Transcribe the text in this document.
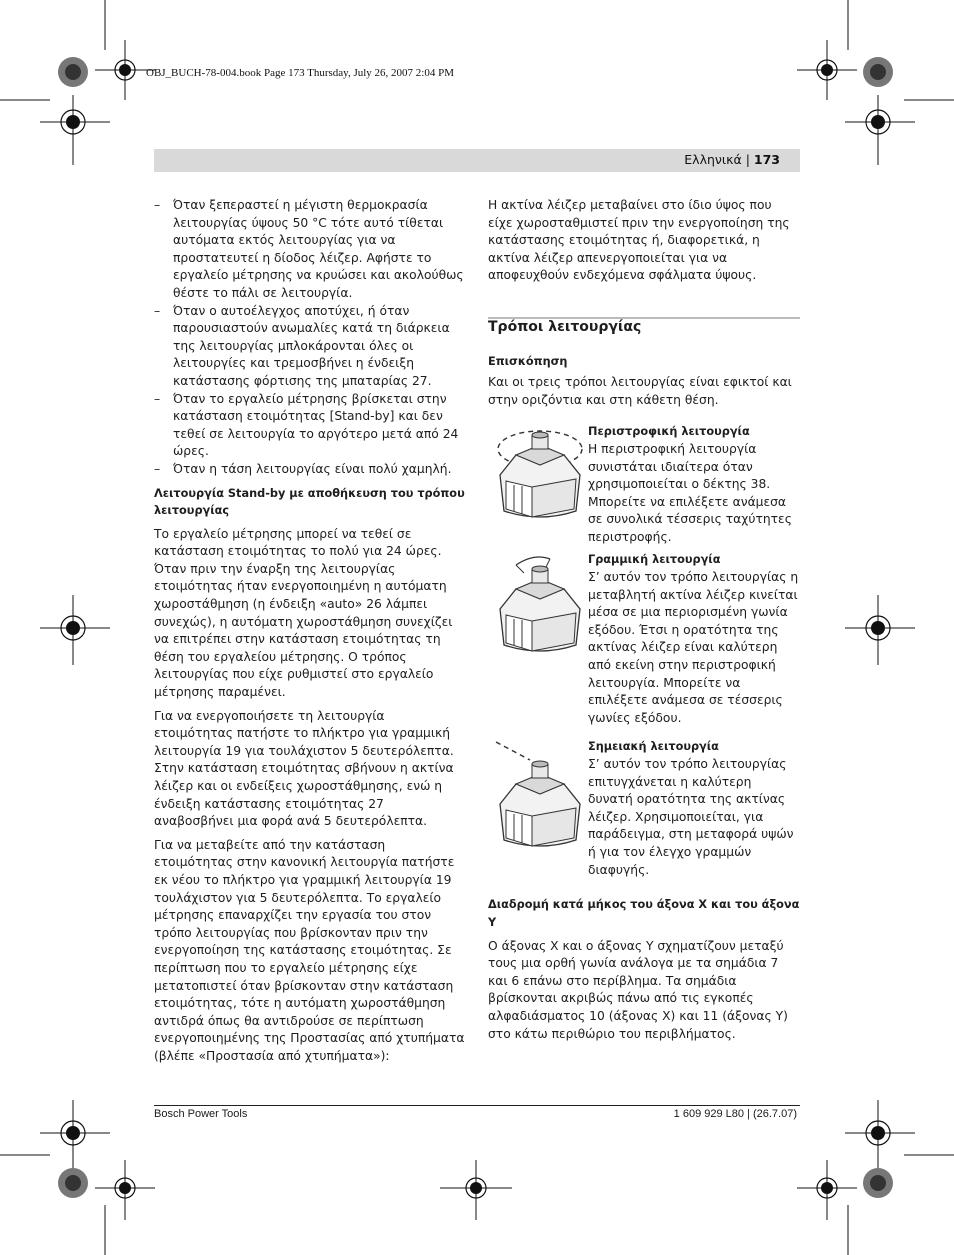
OBJ_BUCH-78-004.book Page 173 Thursday, July 26, 2007 2:04 PM
Ελληνικά | 173
– Όταν ξεπεραστεί η μέγιστη θερμοκρασία λειτουργίας ύψους 50 °C τότε αυτό τίθεται αυτόματα εκτός λειτουργίας για να προστατευτεί η δίοδος λέιζερ. Αφήστε το εργαλείο μέτρησης να κρυώσει και ακολούθως θέστε το πάλι σε λειτουργία.
– Όταν ο αυτοέλεγχος αποτύχει, ή όταν παρουσιαστούν ανωμαλίες κατά τη διάρκεια της λειτουργίας μπλοκάρονται όλες οι λειτουργίες και τρεμοσβήνει η ένδειξη κατάστασης φόρτισης της μπαταρίας 27.
– Όταν το εργαλείο μέτρησης βρίσκεται στην κατάσταση ετοιμότητας [Stand-by] και δεν τεθεί σε λειτουργία το αργότερο μετά από 24 ώρες.
– Όταν η τάση λειτουργίας είναι πολύ χαμηλή.

Λειτουργία Stand-by με αποθήκευση του τρόπου λειτουργίας

Το εργαλείο μέτρησης μπορεί να τεθεί σε κατάσταση ετοιμότητας το πολύ για 24 ώρες. Όταν πριν την έναρξη της λειτουργίας ετοιμότητας ήταν ενεργοποιημένη η αυτόματη χωροστάθμηση (η ένδειξη «auto» 26 λάμπει συνεχώς), η αυτόματη χωροστάθμηση συνεχίζει να επιτρέπει στην κατάσταση ετοιμότητας τη θέση του εργαλείου μέτρησης. Ο τρόπος λειτουργίας που είχε ρυθμιστεί στο εργαλείο μέτρησης παραμένει.

Για να ενεργοποιήσετε τη λειτουργία ετοιμότητας πατήστε το πλήκτρο για γραμμική λειτουργία 19 για τουλάχιστον 5 δευτερόλεπτα. Στην κατάσταση ετοιμότητας σβήνουν η ακτίνα λέιζερ και οι ενδείξεις χωροστάθμησης, ενώ η ένδειξη κατάστασης ετοιμότητας 27 αναβοσβήνει μια φορά ανά 5 δευτερόλεπτα.

Για να μεταβείτε από την κατάσταση ετοιμότητας στην κανονική λειτουργία πατήστε εκ νέου το πλήκτρο για γραμμική λειτουργία 19 τουλάχιστον για 5 δευτερόλεπτα. Το εργαλείο μέτρησης επαναρχίζει την εργασία του στον τρόπο λειτουργίας που βρίσκονταν πριν την ενεργοποίηση της κατάστασης ετοιμότητας. Σε περίπτωση που το εργαλείο μέτρησης είχε μετατοπιστεί όταν βρίσκονταν στην κατάσταση ετοιμότητας, τότε η αυτόματη χωροστάθμηση αντιδρά όπως θα αντιδρούσε σε περίπτωση ενεργοποιημένης της Προστασίας από χτυπήματα (βλέπε «Προστασία από χτυπήματα»):

Η ακτίνα λέιζερ μεταβαίνει στο ίδιο ύψος που είχε χωροσταθμιστεί πριν την ενεργοποίηση της κατάστασης ετοιμότητας ή, διαφορετικά, η ακτίνα λέιζερ απενεργοποιείται για να αποφευχθούν ενδεχόμενα σφάλματα ύψους.

Τρόποι λειτουργίας

Επισκόπηση

Και οι τρεις τρόποι λειτουργίας είναι εφικτοί και στην οριζόντια και στη κάθετη θέση.

Περιστροφική λειτουργία
Η περιστροφική λειτουργία συνιστάται ιδιαίτερα όταν χρησιμοποιείται ο δέκτης 38. Μπορείτε να επιλέξετε ανάμεσα σε συνολικά τέσσερις ταχύτητες περιστροφής.
Γραμμική λειτουργία
Σ’ αυτόν τον τρόπο λειτουργίας η μεταβλητή ακτίνα λέιζερ κινείται μέσα σε μια περιορισμένη γωνία εξόδου. Έτσι η ορατότητα της ακτίνας λέιζερ είναι καλύτερη από εκείνη στην περιστροφική λειτουργία. Μπορείτε να επιλέξετε ανάμεσα σε τέσσερις γωνίες εξόδου.
Σημειακή λειτουργία
Σ’ αυτόν τον τρόπο λειτουργίας επιτυγχάνεται η καλύτερη δυνατή ορατότητα της ακτίνας λέιζερ. Χρησιμοποιείται, για παράδειγμα, στη μεταφορά υψών ή για τον έλεγχο γραμμών διαφυγής.

Διαδρομή κατά μήκος του άξονα X και του άξονα Y

Ο άξονας X και ο άξονας Y σχηματίζουν μεταξύ τους μια ορθή γωνία ανάλογα με τα σημάδια 7 και 6 επάνω στο περίβλημα. Τα σημάδια βρίσκονται ακριβώς πάνω από τις εγκοπές αλφαδιάσματος 10 (άξονας X) και 11 (άξονας Y) στο κάτω περιθώριο του περιβλήματος.

Bosch Power Tools	1 609 929 L80 | (26.7.07)
